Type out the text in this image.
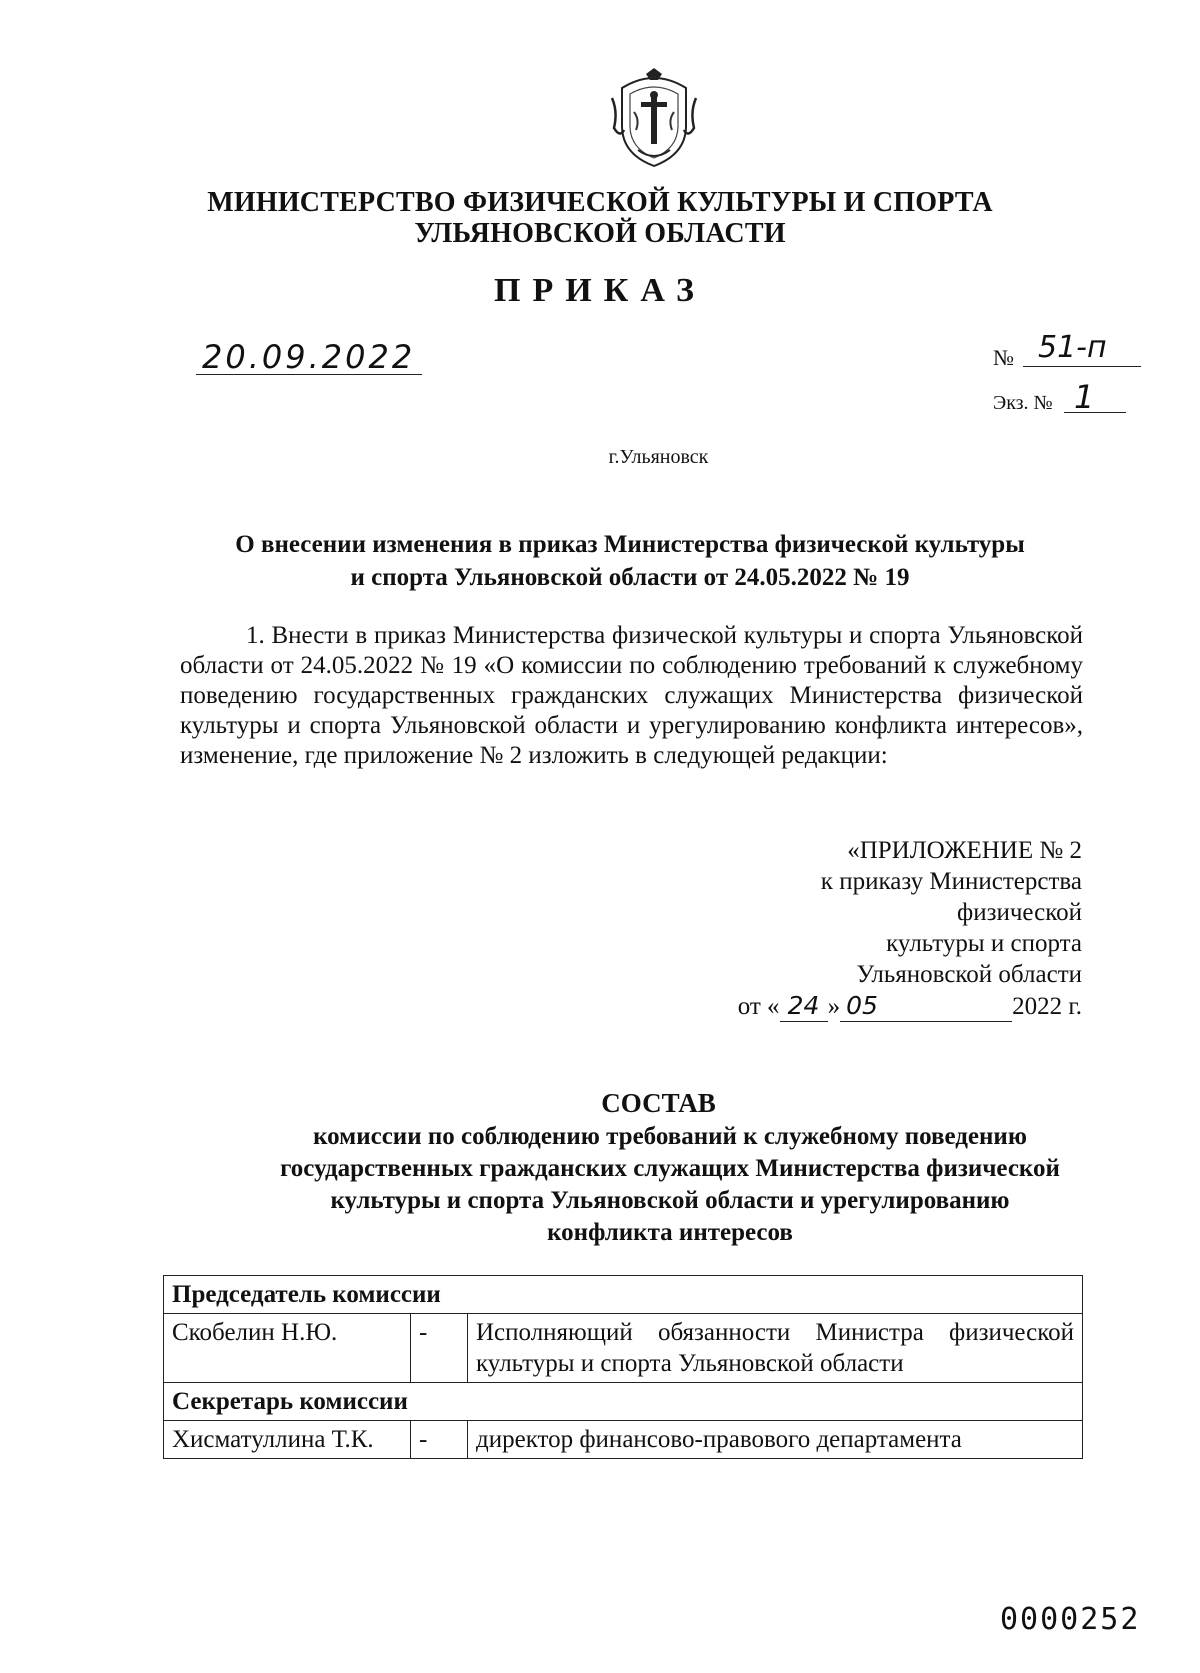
МИНИСТЕРСТВО ФИЗИЧЕСКОЙ КУЛЬТУРЫ И СПОРТА
УЛЬЯНОВСКОЙ ОБЛАСТИ
ПРИКАЗ
20.09.2022	№ 51-п
Экз. № 1
г.Ульяновск
О внесении изменения в приказ Министерства физической культуры
и спорта Ульяновской области от 24.05.2022 № 19
1. Внести в приказ Министерства физической культуры и спорта Ульяновской области от 24.05.2022 № 19 «О комиссии по соблюдению требований к служебному поведению государственных гражданских служащих Министерства физической культуры и спорта Ульяновской области и урегулированию конфликта интересов», изменение, где приложение № 2 изложить в следующей редакции:
«ПРИЛОЖЕНИЕ № 2
к приказу Министерства
физической
культуры и спорта
Ульяновской области
от « 24 » 05	2022 г.
СОСТАВ
комиссии по соблюдению требований к служебному поведению
государственных гражданских служащих Министерства физической
культуры и спорта Ульяновской области и урегулированию
конфликта интересов
Председатель комиссии		
Скобелин Н.Ю.	-	Исполняющий обязанности Министра физической культуры и спорта Ульяновской области
Секретарь комиссии		
Хисматуллина Т.К.	-	директор финансово-правового департамента
0000252
